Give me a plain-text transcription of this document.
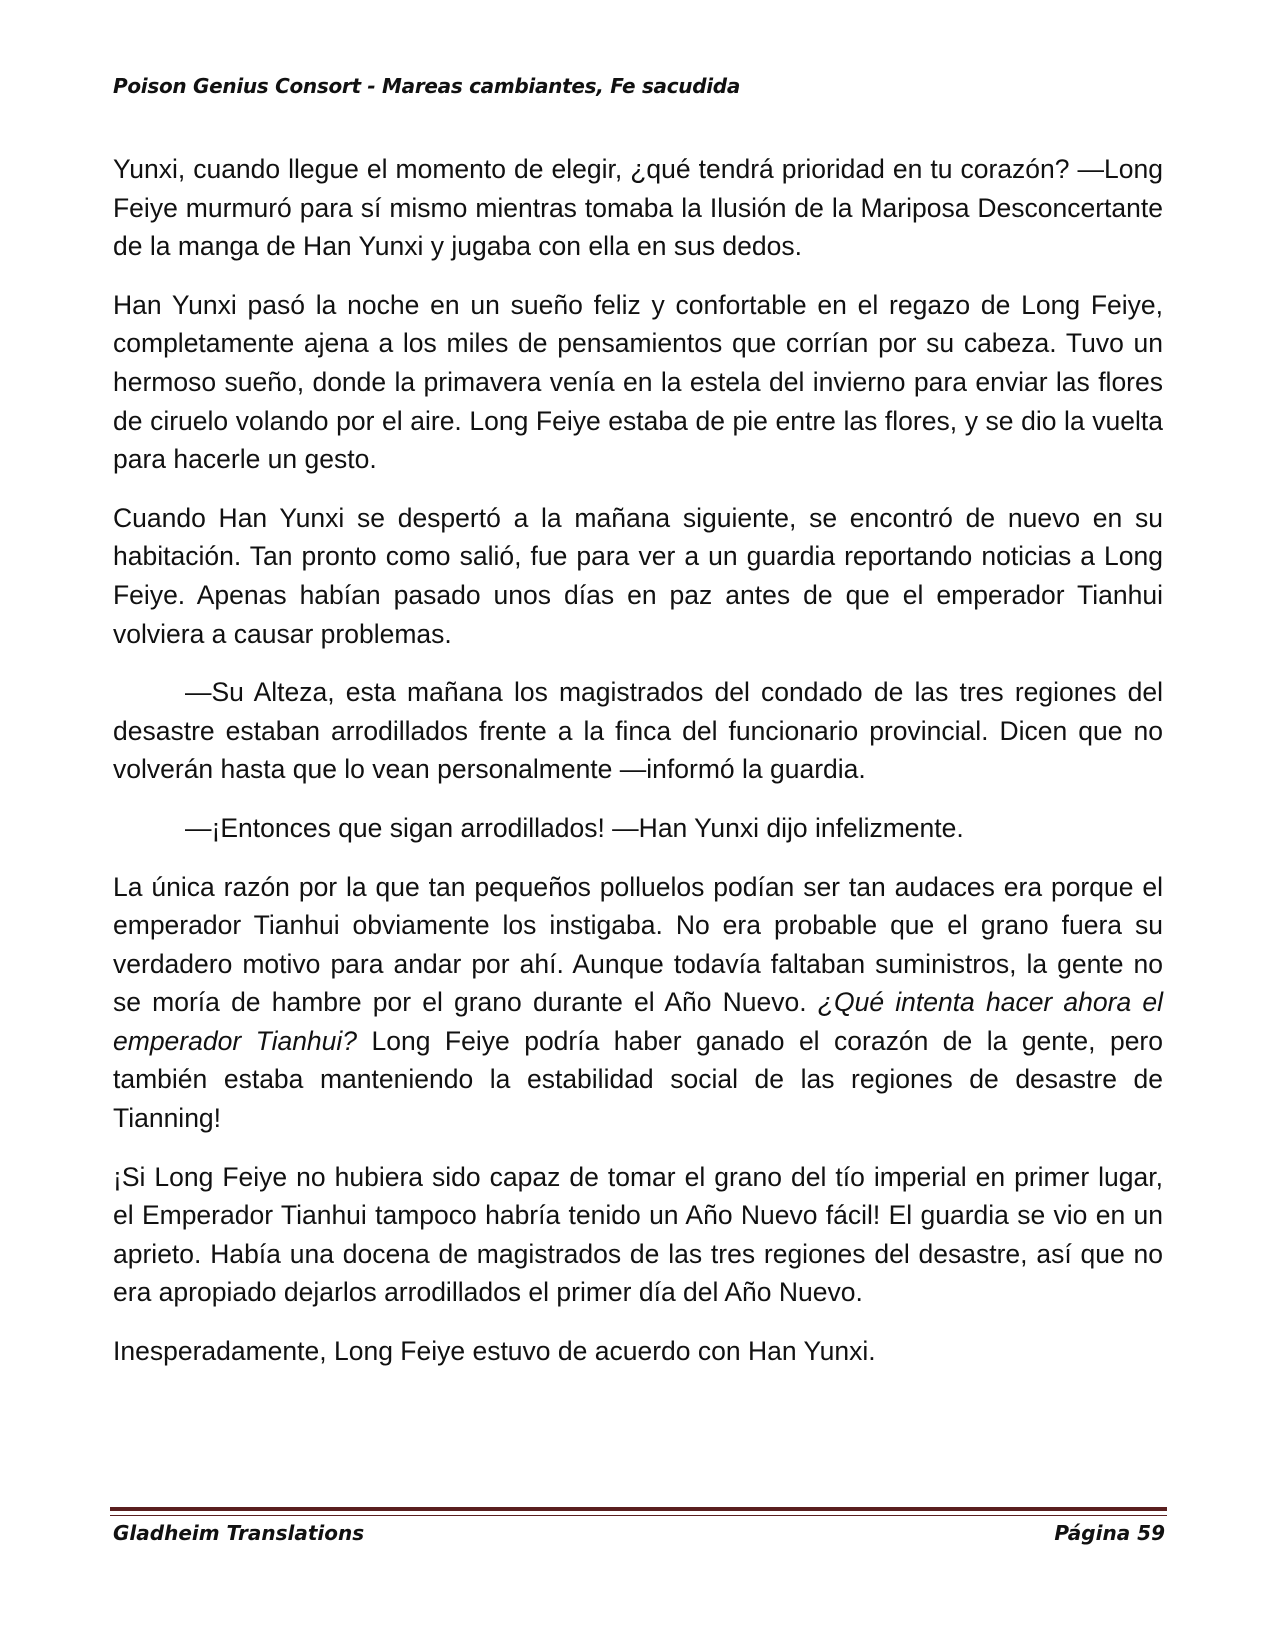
Poison Genius Consort - Mareas cambiantes, Fe sacudida

Yunxi, cuando llegue el momento de elegir, ¿qué tendrá prioridad en tu corazón? —Long Feiye murmuró para sí mismo mientras tomaba la Ilusión de la Mariposa Desconcertante de la manga de Han Yunxi y jugaba con ella en sus dedos.

Han Yunxi pasó la noche en un sueño feliz y confortable en el regazo de Long Feiye, completamente ajena a los miles de pensamientos que corrían por su cabeza. Tuvo un hermoso sueño, donde la primavera venía en la estela del invierno para enviar las flores de ciruelo volando por el aire. Long Feiye estaba de pie entre las flores, y se dio la vuelta para hacerle un gesto.

Cuando Han Yunxi se despertó a la mañana siguiente, se encontró de nuevo en su habitación. Tan pronto como salió, fue para ver a un guardia reportando noticias a Long Feiye. Apenas habían pasado unos días en paz antes de que el emperador Tianhui volviera a causar problemas.

—Su Alteza, esta mañana los magistrados del condado de las tres regiones del desastre estaban arrodillados frente a la finca del funcionario provincial. Dicen que no volverán hasta que lo vean personalmente —informó la guardia.

—¡Entonces que sigan arrodillados! —Han Yunxi dijo infelizmente.

La única razón por la que tan pequeños polluelos podían ser tan audaces era porque el emperador Tianhui obviamente los instigaba. No era probable que el grano fuera su verdadero motivo para andar por ahí. Aunque todavía faltaban suministros, la gente no se moría de hambre por el grano durante el Año Nuevo. ¿Qué intenta hacer ahora el emperador Tianhui? Long Feiye podría haber ganado el corazón de la gente, pero también estaba manteniendo la estabilidad social de las regiones de desastre de Tianning!

¡Si Long Feiye no hubiera sido capaz de tomar el grano del tío imperial en primer lugar, el Emperador Tianhui tampoco habría tenido un Año Nuevo fácil! El guardia se vio en un aprieto. Había una docena de magistrados de las tres regiones del desastre, así que no era apropiado dejarlos arrodillados el primer día del Año Nuevo.

Inesperadamente, Long Feiye estuvo de acuerdo con Han Yunxi.

Gladheim Translations	Página 59
